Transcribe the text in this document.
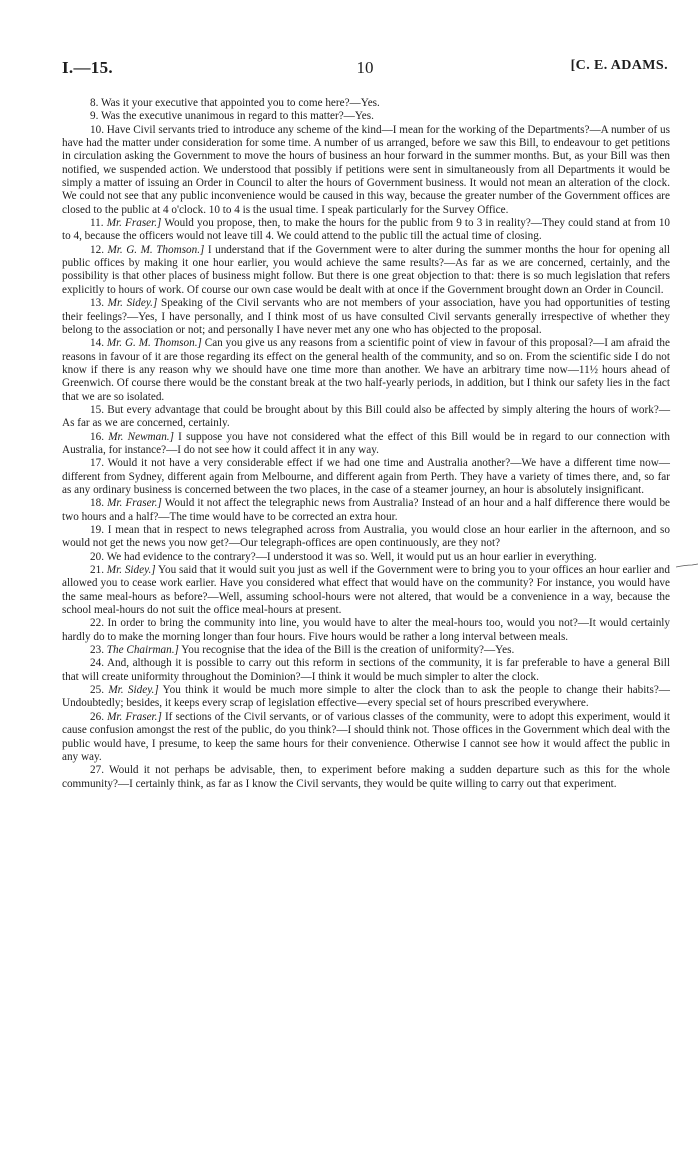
I.—15.	10	[C. E. ADAMS.

8. Was it your executive that appointed you to come here?—Yes.

9. Was the executive unanimous in regard to this matter?—Yes.

10. Have Civil servants tried to introduce any scheme of the kind—I mean for the working of the Departments?—A number of us have had the matter under consideration for some time. A number of us arranged, before we saw this Bill, to endeavour to get petitions in circulation asking the Government to move the hours of business an hour forward in the summer months. But, as your Bill was then notified, we suspended action. We understood that possibly if petitions were sent in simultaneously from all Departments it would be simply a matter of issuing an Order in Council to alter the hours of Government business. It would not mean an alteration of the clock. We could not see that any public inconvenience would be caused in this way, because the greater number of the Government offices are closed to the public at 4 o'clock. 10 to 4 is the usual time. I speak particularly for the Survey Office.

11. Mr. Fraser.] Would you propose, then, to make the hours for the public from 9 to 3 in reality?—They could stand at from 10 to 4, because the officers would not leave till 4. We could attend to the public till the actual time of closing.

12. Mr. G. M. Thomson.] I understand that if the Government were to alter during the summer months the hour for opening all public offices by making it one hour earlier, you would achieve the same results?—As far as we are concerned, certainly, and the possibility is that other places of business might follow. But there is one great objection to that: there is so much legislation that refers explicitly to hours of work. Of course our own case would be dealt with at once if the Government brought down an Order in Council.

13. Mr. Sidey.] Speaking of the Civil servants who are not members of your association, have you had opportunities of testing their feelings?—Yes, I have personally, and I think most of us have consulted Civil servants generally irrespective of whether they belong to the association or not; and personally I have never met any one who has objected to the proposal.

14. Mr. G. M. Thomson.] Can you give us any reasons from a scientific point of view in favour of this proposal?—I am afraid the reasons in favour of it are those regarding its effect on the general health of the community, and so on. From the scientific side I do not know if there is any reason why we should have one time more than another. We have an arbitrary time now—11½ hours ahead of Greenwich. Of course there would be the constant break at the two half-yearly periods, in addition, but I think our safety lies in the fact that we are so isolated.

15. But every advantage that could be brought about by this Bill could also be affected by simply altering the hours of work?—As far as we are concerned, certainly.

16. Mr. Newman.] I suppose you have not considered what the effect of this Bill would be in regard to our connection with Australia, for instance?—I do not see how it could affect it in any way.

17. Would it not have a very considerable effect if we had one time and Australia another?—We have a different time now—different from Sydney, different again from Melbourne, and different again from Perth. They have a variety of times there, and, so far as any ordinary business is concerned between the two places, in the case of a steamer journey, an hour is absolutely insignificant.

18. Mr. Fraser.] Would it not affect the telegraphic news from Australia? Instead of an hour and a half difference there would be two hours and a half?—The time would have to be corrected an extra hour.

19. I mean that in respect to news telegraphed across from Australia, you would close an hour earlier in the afternoon, and so would not get the news you now get?—Our telegraph-offices are open continuously, are they not?

20. We had evidence to the contrary?—I understood it was so. Well, it would put us an hour earlier in everything.

21. Mr. Sidey.] You said that it would suit you just as well if the Government were to bring you to your offices an hour earlier and allowed you to cease work earlier. Have you considered what effect that would have on the community? For instance, you would have the same meal-hours as before?—Well, assuming school-hours were not altered, that would be a convenience in a way, because the school meal-hours do not suit the office meal-hours at present.

22. In order to bring the community into line, you would have to alter the meal-hours too, would you not?—It would certainly hardly do to make the morning longer than four hours. Five hours would be rather a long interval between meals.

23. The Chairman.] You recognise that the idea of the Bill is the creation of uniformity?—Yes.

24. And, although it is possible to carry out this reform in sections of the community, it is far preferable to have a general Bill that will create uniformity throughout the Dominion?—I think it would be much simpler to alter the clock.

25. Mr. Sidey.] You think it would be much more simple to alter the clock than to ask the people to change their habits?—Undoubtedly; besides, it keeps every scrap of legislation effective—every special set of hours prescribed everywhere.

26. Mr. Fraser.] If sections of the Civil servants, or of various classes of the community, were to adopt this experiment, would it cause confusion amongst the rest of the public, do you think?—I should think not. Those offices in the Government which deal with the public would have, I presume, to keep the same hours for their convenience. Otherwise I cannot see how it would affect the public in any way.

27. Would it not perhaps be advisable, then, to experiment before making a sudden departure such as this for the whole community?—I certainly think, as far as I know the Civil servants, they would be quite willing to carry out that experiment.
